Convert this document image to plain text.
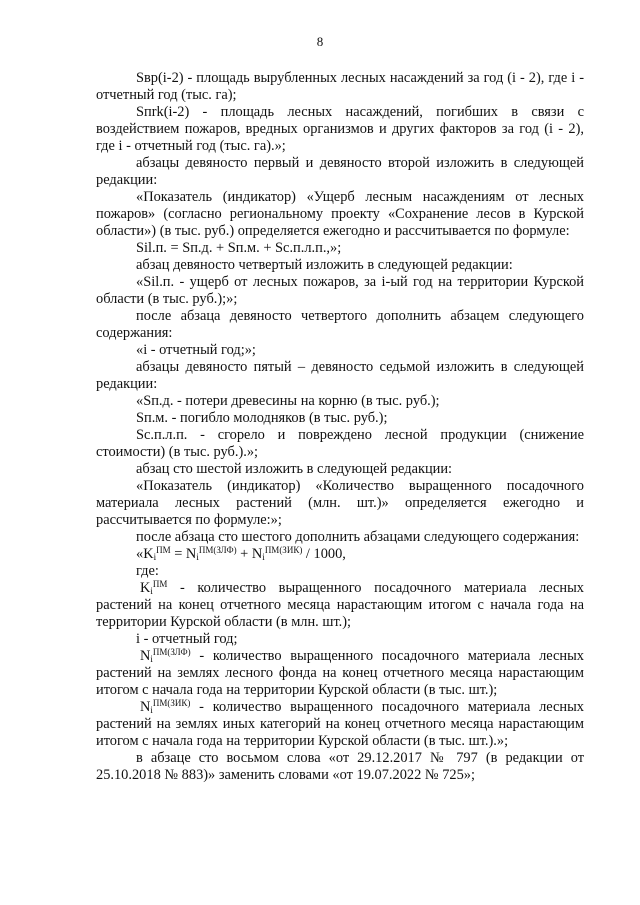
8

Sвр(i-2) - площадь вырубленных лесных насаждений за год (i - 2), где i - отчетный год (тыс. га);

Sпrk(i-2) - площадь лесных насаждений, погибших в связи с воздействием пожаров, вредных организмов и других факторов за год (i - 2), где i - отчетный год (тыс. га).»;

абзацы девяносто первый и девяносто второй изложить в следующей редакции:

«Показатель (индикатор) «Ущерб лесным насаждениям от лесных пожаров» (согласно региональному проекту «Сохранение лесов в Курской области») (в тыс. руб.) определяется ежегодно и рассчитывается по формуле:

Sil.п. = Sп.д. + Sп.м. + Sс.п.л.п.,»;

абзац девяносто четвертый изложить в следующей редакции:

«Sil.п. - ущерб от лесных пожаров, за i-ый год на территории Курской области (в тыс. руб.);»;

после абзаца девяносто четвертого дополнить абзацем следующего содержания:

«i - отчетный год;»;

абзацы девяносто пятый – девяносто седьмой изложить в следующей редакции:

«Sп.д. - потери древесины на корню (в тыс. руб.);

Sп.м. - погибло молодняков (в тыс. руб.);

Sс.п.л.п. - сгорело и повреждено лесной продукции (снижение стоимости) (в тыс. руб.).»;

абзац сто шестой изложить в следующей редакции:

«Показатель (индикатор) «Количество выращенного посадочного материала лесных растений (млн. шт.)» определяется ежегодно и рассчитывается по формуле:»;

после абзаца сто шестого дополнить абзацами следующего содержания:

«$K_i^{ПМ} = N_i^{ПМ(ЗЛФ)} + N_i^{ПМ(ЗИК)} / 1000$,

где:

$K_i^{ПМ}$ - количество выращенного посадочного материала лесных растений на конец отчетного месяца нарастающим итогом с начала года на территории Курской области (в млн. шт.);

i - отчетный год;

$N_i^{ПМ(ЗЛФ)}$ - количество выращенного посадочного материала лесных растений на землях лесного фонда на конец отчетного месяца нарастающим итогом с начала года на территории Курской области (в тыс. шт.);

$N_i^{ПМ(ЗИК)}$ - количество выращенного посадочного материала лесных растений на землях иных категорий на конец отчетного месяца нарастающим итогом с начала года на территории Курской области (в тыс. шт.).»;

в абзаце сто восьмом слова «от 29.12.2017 № 797 (в редакции от 25.10.2018 № 883)» заменить словами «от 19.07.2022 № 725»;
